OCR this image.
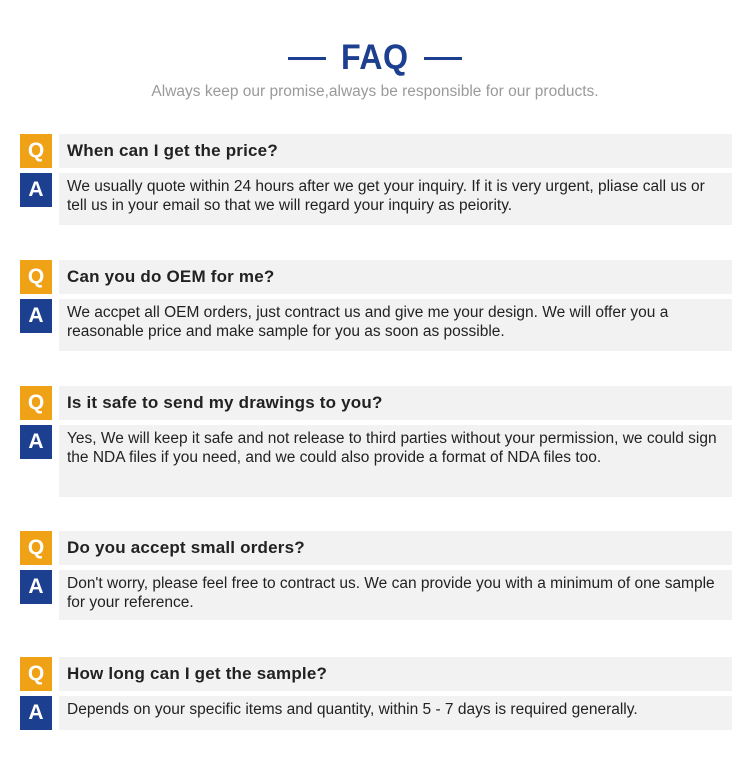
FAQ
Always keep our promise,always be responsible for our products.
Q	When can I get the price?
A	We usually quote within 24 hours after we get your inquiry. If it is very urgent, pliase call us or tell us in your email so that we will regard your inquiry as peiority.
Q	Can you do OEM for me?
A	We accpet all OEM orders, just contract us and give me your design. We will offer you a reasonable price and make sample for you as soon as possible.
Q	Is it safe to send my drawings to you?
A	Yes, We will keep it safe and not release to third parties without your permission, we could sign the NDA files if you need, and we could also provide a format of NDA files too.
Q	Do you accept small orders?
A	Don't worry, please feel free to contract us. We can provide you with a minimum of one sample for your reference.
Q	How long can I get the sample?
A	Depends on your specific items and quantity, within 5 - 7 days is required generally.
